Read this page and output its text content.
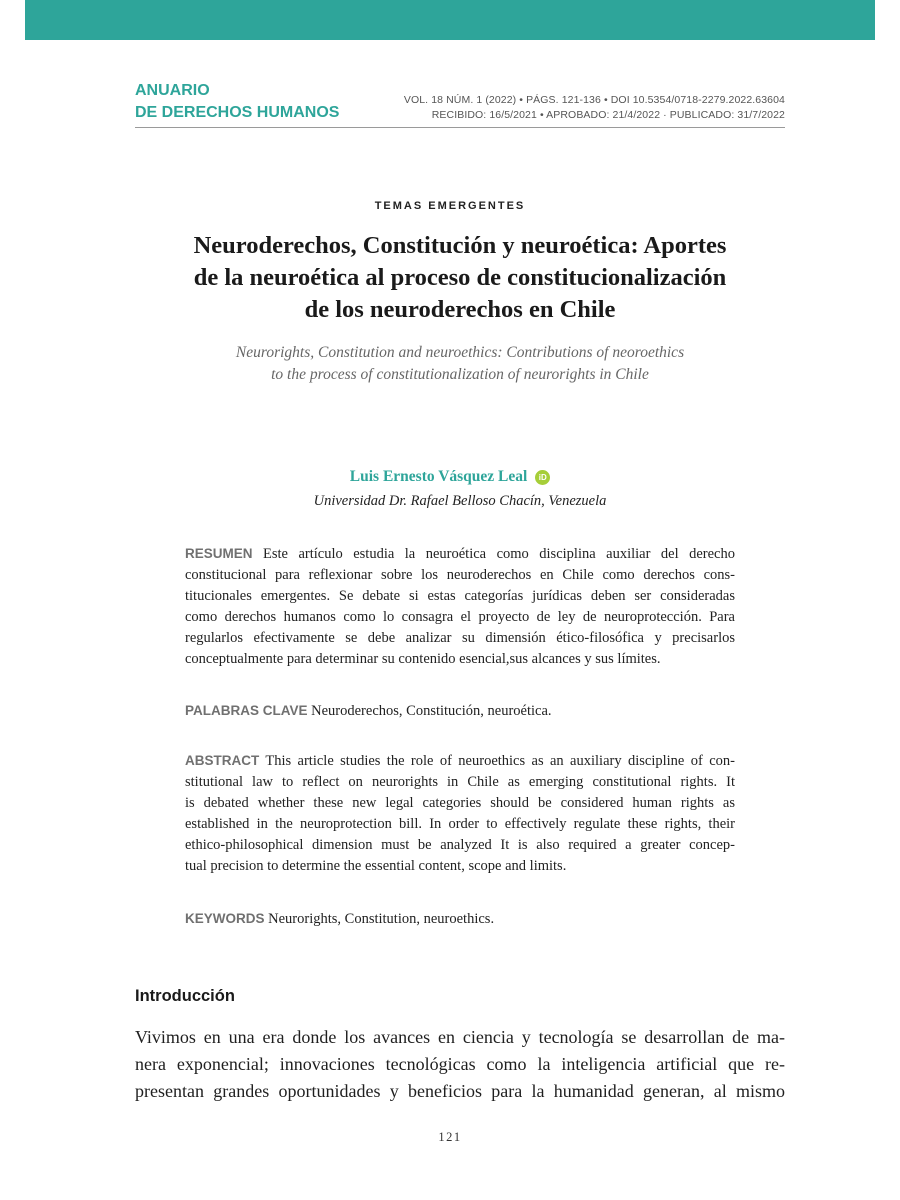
ANUARIO
DE DERECHOS HUMANOS
VOL. 18 NÚM. 1 (2022) • PÁGS. 121-136 • DOI 10.5354/0718-2279.2022.63604
RECIBIDO: 16/5/2021 • APROBADO: 21/4/2022 · PUBLICADO: 31/7/2022
TEMAS EMERGENTES
Neuroderechos, Constitución y neuroética: Aportes
de la neuroética al proceso de constitucionalización
de los neuroderechos en Chile
Neurorights, Constitution and neuroethics: Contributions of neoroethics
to the process of constitutionalization of neurorights in Chile
Luis Ernesto Vásquez Leal iD
Universidad Dr. Rafael Belloso Chacín, Venezuela
RESUMEN Este artículo estudia la neuroética como disciplina auxiliar del derecho
constitucional para reflexionar sobre los neuroderechos en Chile como derechos cons-
titucionales emergentes. Se debate si estas categorías jurídicas deben ser consideradas
como derechos humanos como lo consagra el proyecto de ley de neuroprotección. Para
regularlos efectivamente se debe analizar su dimensión ético-filosófica y precisarlos
conceptualmente para determinar su contenido esencial,sus alcances y sus límites.
PALABRAS CLAVE Neuroderechos, Constitución, neuroética.
ABSTRACT This article studies the role of neuroethics as an auxiliary discipline of con-
stitutional law to reflect on neurorights in Chile as emerging constitutional rights. It
is debated whether these new legal categories should be considered human rights as
established in the neuroprotection bill. In order to effectively regulate these rights, their
ethico-philosophical dimension must be analyzed It is also required a greater concep-
tual precision to determine the essential content, scope and limits.
KEYWORDS Neurorights, Constitution, neuroethics.
Introducción
Vivimos en una era donde los avances en ciencia y tecnología se desarrollan de ma-
nera exponencial; innovaciones tecnológicas como la inteligencia artificial que re-
presentan grandes oportunidades y beneficios para la humanidad generan, al mismo
121
